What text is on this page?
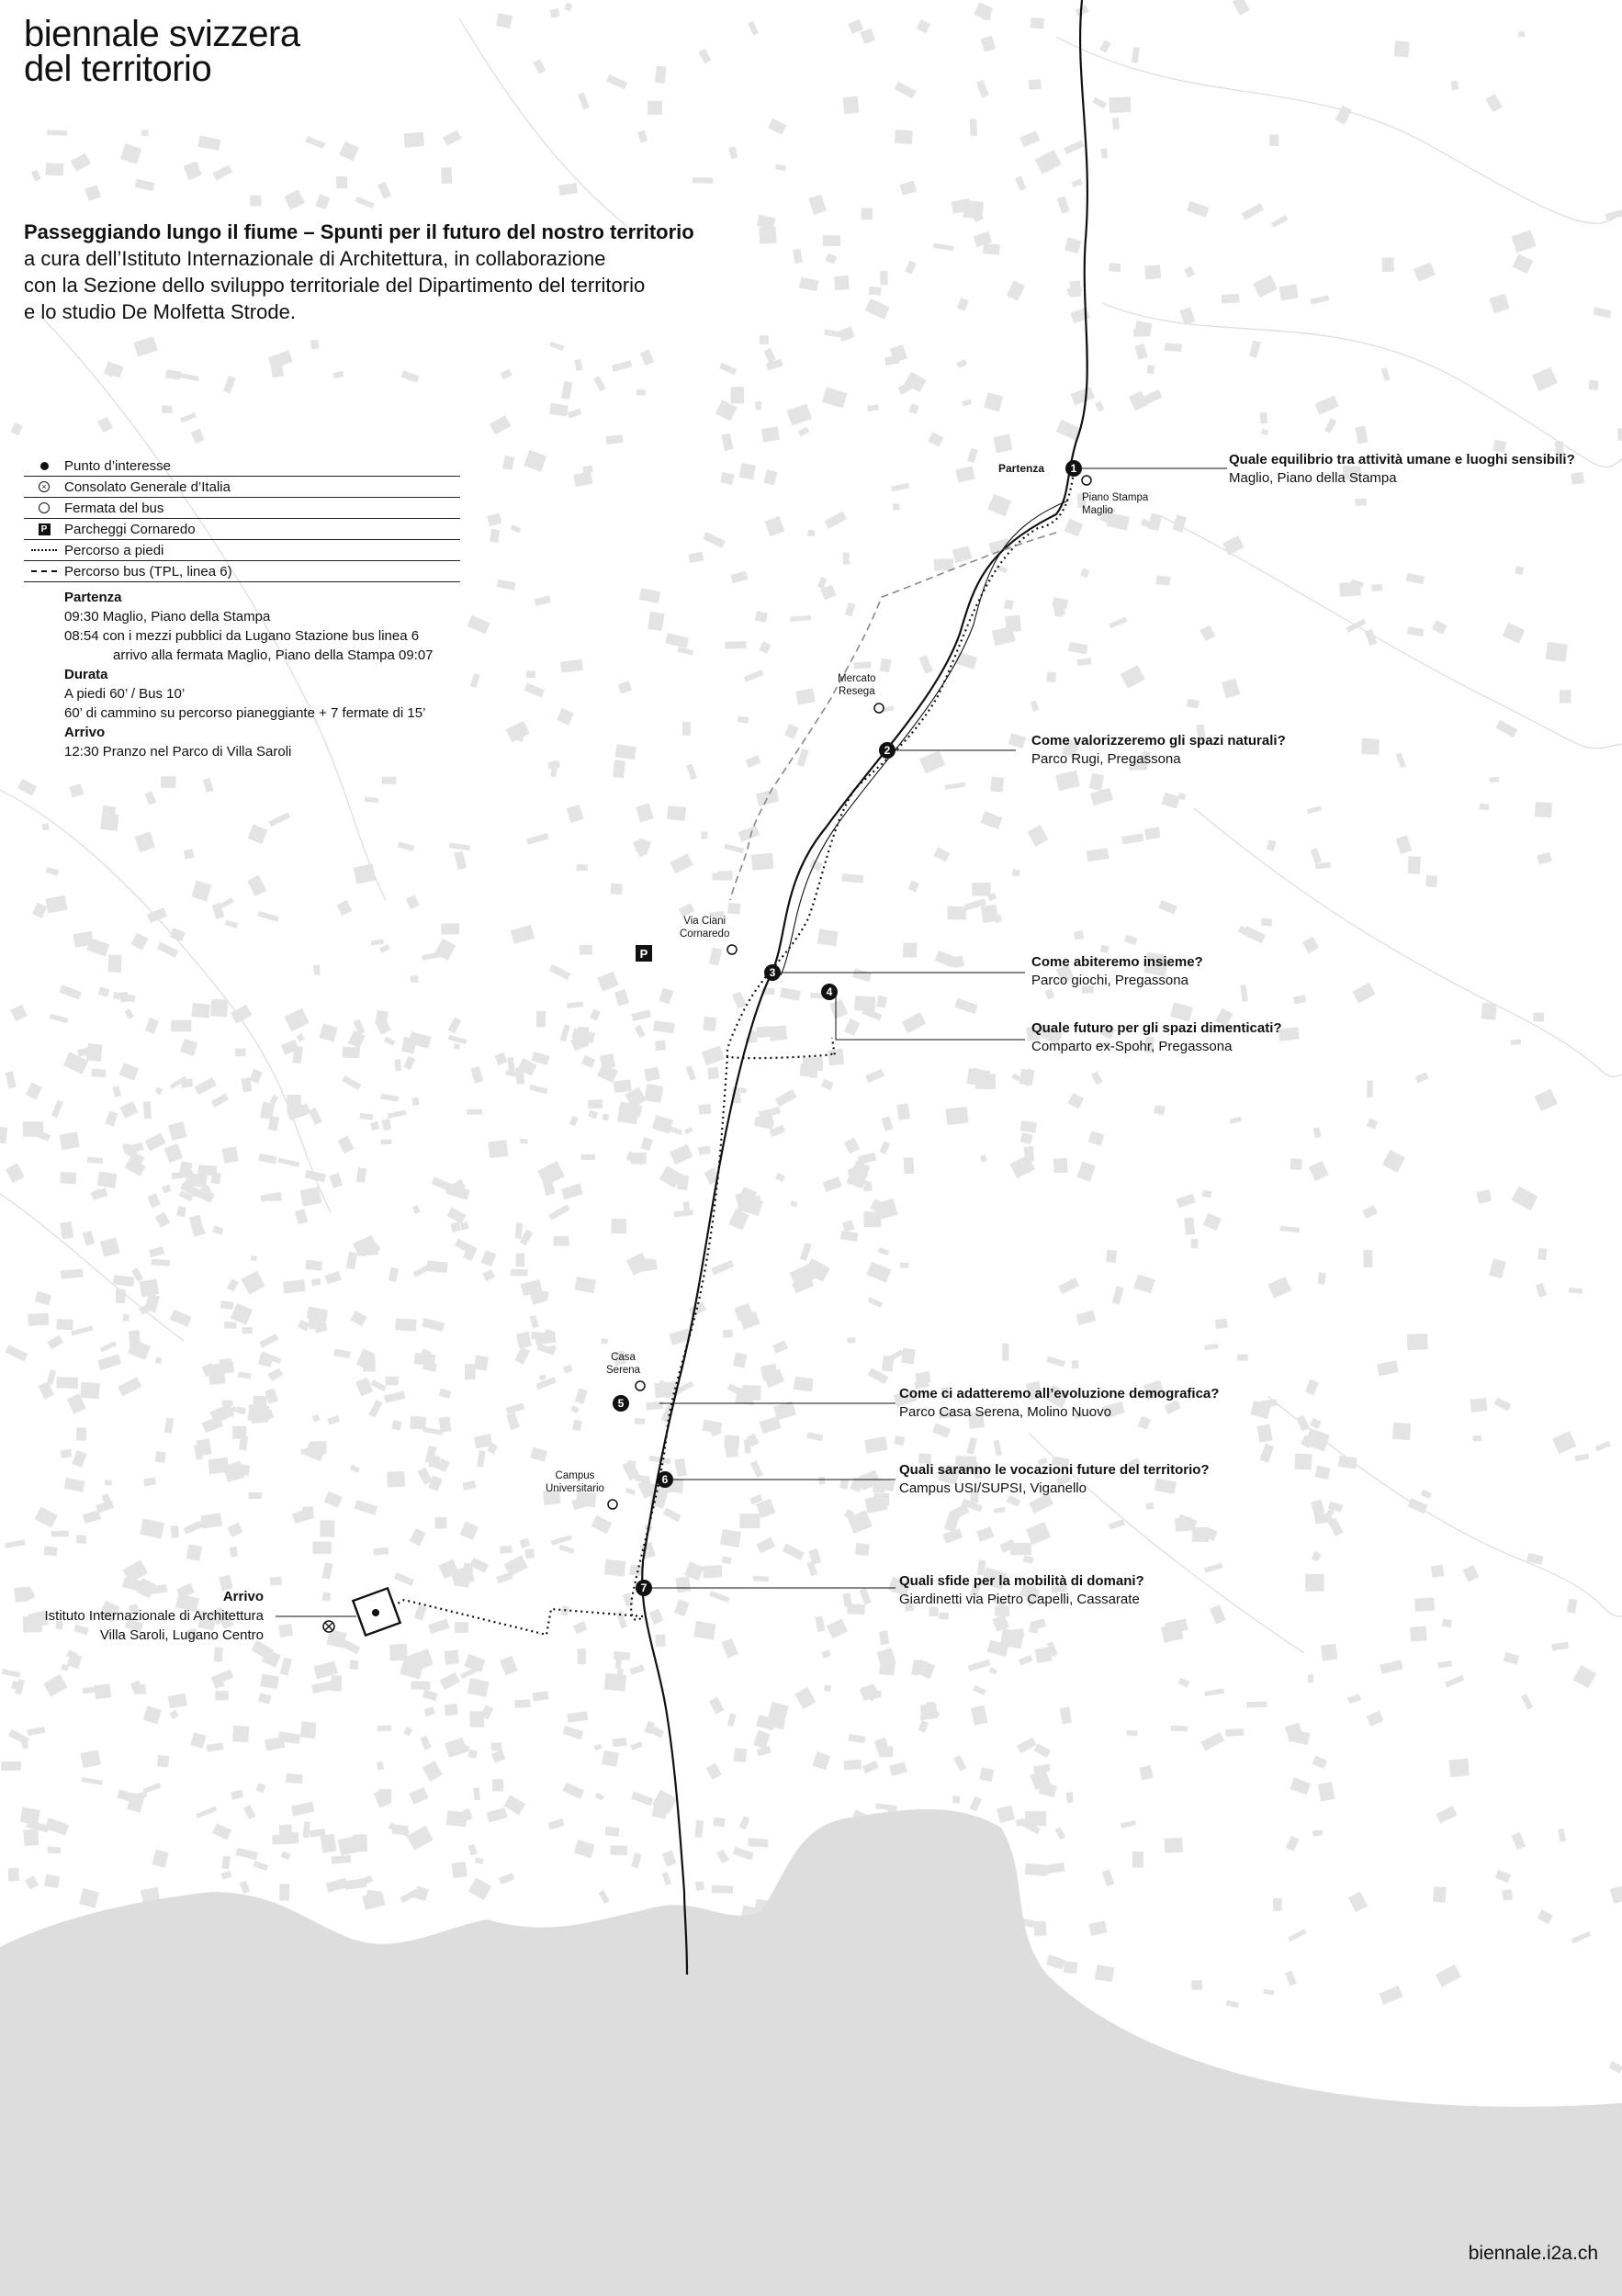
1
2
3
4
5
6
7
P
biennale svizzera
del territorio
Passeggiando lungo il fiume – Spunti per il futuro del nostro territorio
a cura dell’Istituto Internazionale di Architettura, in collaborazione
con la Sezione dello sviluppo territoriale del Dipartimento del territorio
e lo studio De Molfetta Strode.
Punto d’interesse
× Consolato Generale d’Italia
Fermata del bus
P Parcheggi Cornaredo
Percorso a piedi
Percorso bus (TPL, linea 6)
Partenza
09:30 Maglio, Piano della Stampa
08:54 con i mezzi pubblici da Lugano Stazione bus linea 6
arrivo alla fermata Maglio, Piano della Stampa 09:07
Durata
A piedi 60’ / Bus 10’
60’ di cammino su percorso pianeggiante + 7 fermate di 15’
Arrivo
12:30 Pranzo nel Parco di Villa Saroli
Quale equilibrio tra attività umane e luoghi sensibili?
Maglio, Piano della Stampa
Come valorizzeremo gli spazi naturali?
Parco Rugi, Pregassona
Come abiteremo insieme?
Parco giochi, Pregassona
Quale futuro per gli spazi dimenticati?
Comparto ex-Spohr, Pregassona
Come ci adatteremo all’evoluzione demografica?
Parco Casa Serena, Molino Nuovo
Quali saranno le vocazioni future del territorio?
Campus USI/SUPSI, Viganello
Quali sfide per la mobilità di domani?
Giardinetti via Pietro Capelli, Cassarate
Partenza
Piano Stampa
Maglio
Mercato
Resega
Via Ciani
Cornaredo
Casa
Serena
Campus
Universitario
Arrivo
Istituto Internazionale di Architettura
Villa Saroli, Lugano Centro
biennale.i2a.ch
